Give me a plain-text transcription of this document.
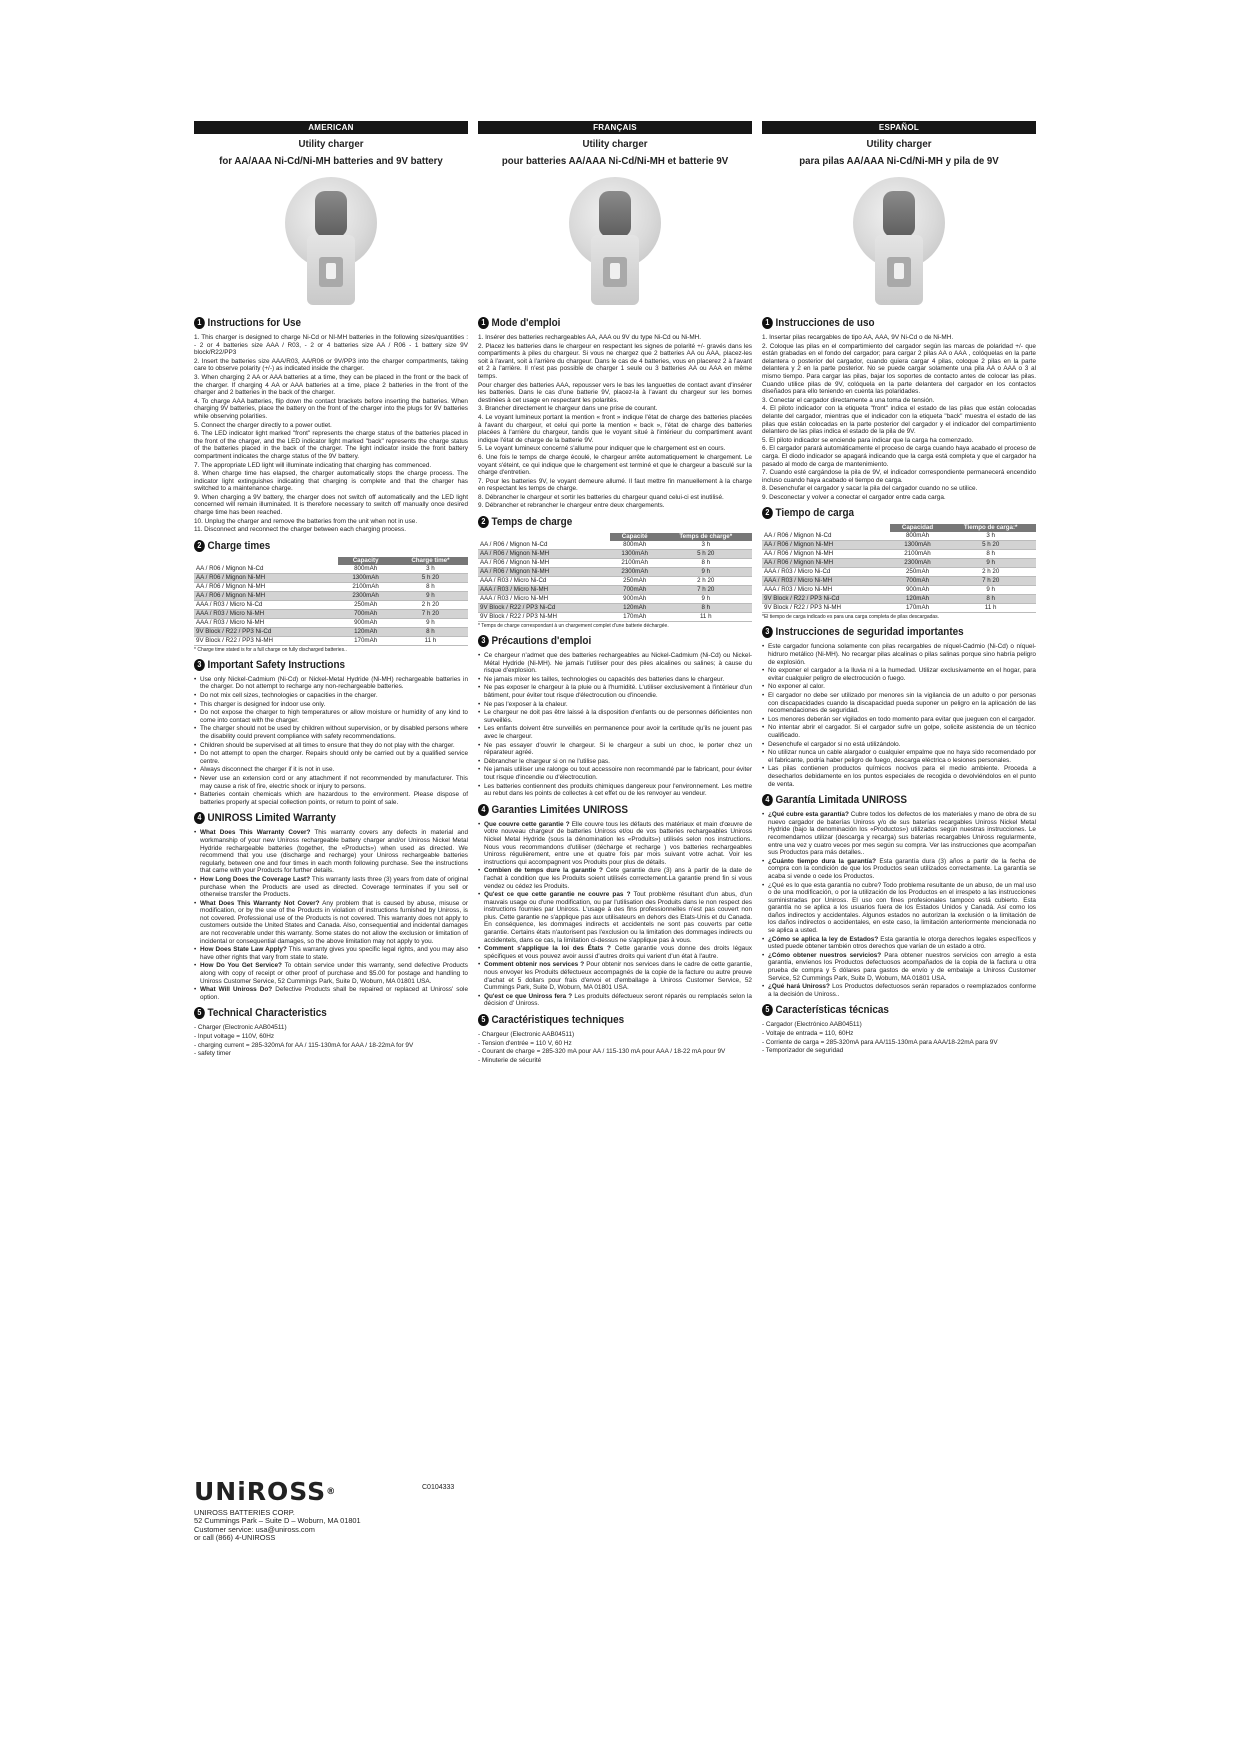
AMERICAN
Utility charger
for AA/AAA Ni-Cd/Ni-MH batteries and 9V battery
1 Instructions for Use

1. This charger is designed to charge Ni-Cd or NI-MH batteries in the following sizes/quantities : - 2 or 4 batteries size AAA / R03, - 2 or 4 batteries size AA / R06 - 1 battery size 9V block/R22/PP3

2. Insert the batteries size AAA/R03, AA/R06 or 9V/PP3 into the charger compartments, taking care to observe polarity (+/-) as indicated inside the charger.

3. When charging 2 AA or AAA batteries at a time, they can be placed in the front or the back of the charger. If charging 4 AA or AAA batteries at a time, place 2 batteries in the front of the charger and 2 batteries in the back of the charger.

4. To charge AAA batteries, flip down the contact brackets before inserting the batteries. When charging 9V batteries, place the battery on the front of the charger into the plugs for 9V batteries while observing polarities.

5. Connect the charger directly to a power outlet.

6. The LED indicator light marked "front" represents the charge status of the batteries placed in the front of the charger, and the LED indicator light marked "back" represents the charge status of the batteries placed in the back of the charger. The light indicator inside the front battery compartment indicates the charge status of the 9V battery.

7. The appropriate LED light will illuminate indicating that charging has commenced.

8. When charge time has elapsed, the charger automatically stops the charge process. The indicator light extinguishes indicating that charging is complete and that the charger has switched to a maintenance charge.

9. When charging a 9V battery, the charger does not switch off automatically and the LED light concerned will remain illuminated. It is therefore necessary to switch off manually once desired charge time has been reached.

10. Unplug the charger and remove the batteries from the unit when not in use.

11. Disconnect and reconnect the charger between each charging process.

2 Charge times
	Capacity	Charge time*
AA / R06 / Mignon Ni-Cd	800mAh	3 h
AA / R06 / Mignon Ni-MH	1300mAh	5 h 20
AA / R06 / Mignon Ni-MH	2100mAh	8 h
AA / R06 / Mignon Ni-MH	2300mAh	9 h
AAA / R03 / Micro Ni-Cd	250mAh	2 h 20
AAA / R03 / Micro Ni-MH	700mAh	7 h 20
AAA / R03 / Micro Ni-MH	900mAh	9 h
9V Block / R22 / PP3 Ni-Cd	120mAh	8 h
9V Block / R22 / PP3 Ni-MH	170mAh	11 h
* Charge time stated is for a full charge on fully discharged batteries..
3 Important Safety Instructions
• Use only Nickel-Cadmium (Ni-Cd) or Nickel-Metal Hydride (Ni-MH) rechargeable batteries in the charger. Do not attempt to recharge any non-rechargeable batteries.
• Do not mix cell sizes, technologies or capacities in the charger.
• This charger is designed for indoor use only.
• Do not expose the charger to high temperatures or allow moisture or humidity of any kind to come into contact with the charger.
• The charger should not be used by children without supervision, or by disabled persons where the disability could prevent compliance with safety recommendations.
• Children should be supervised at all times to ensure that they do not play with the charger.
• Do not attempt to open the charger. Repairs should only be carried out by a qualified service centre.
• Always disconnect the charger if it is not in use.
• Never use an extension cord or any attachment if not recommended by manufacturer. This may cause a risk of fire, electric shock or injury to persons.
• Batteries contain chemicals which are hazardous to the environment. Please dispose of batteries properly at special collection points, or return to point of sale.
4 UNIROSS Limited Warranty
• What Does This Warranty Cover? This warranty covers any defects in material and workmanship of your new Uniross rechargeable battery charger and/or Uniross Nickel Metal Hydride rechargeable batteries (together, the «Products») when used as directed. We recommend that you use (discharge and recharge) your Uniross rechargeable batteries regularly, between one and four times in each month following purchase. See the instructions that came with your Products for further details.
• How Long Does the Coverage Last? This warranty lasts three (3) years from date of original purchase when the Products are used as directed. Coverage terminates if you sell or otherwise transfer the Products.
• What Does This Warranty Not Cover? Any problem that is caused by abuse, misuse or modification, or by the use of the Products in violation of instructions furnished by Uniross, is not covered. Professional use of the Products is not covered. This warranty does not apply to customers outside the United States and Canada. Also, consequential and incidental damages are not recoverable under this warranty. Some states do not allow the exclusion or limitation of incidental or consequential damages, so the above limitation may not apply to you.
• How Does State Law Apply? This warranty gives you specific legal rights, and you may also have other rights that vary from state to state.
• How Do You Get Service? To obtain service under this warranty, send defective Products along with copy of receipt or other proof of purchase and $5.00 for postage and handling to Uniross Customer Service, 52 Cummings Park, Suite D, Woburn, MA 01801 USA.
• What Will Uniross Do? Defective Products shall be repaired or replaced at Uniross' sole option.
5 Technical Characteristics

- Charger (Electronic AAB04511)

- Input voltage = 110V, 60Hz

- charging current = 285-320mA for AA / 115-130mA for AAA / 18-22mA for 9V

- safety timer

FRANÇAIS
Utility charger
pour batteries AA/AAA Ni-Cd/Ni-MH et batterie 9V
1 Mode d'emploi

1. Insérer des batteries rechargeables AA, AAA ou 9V du type Ni-Cd ou Ni-MH.

2. Placez les batteries dans le chargeur en respectant les signes de polarité +/- gravés dans les compartiments à piles du chargeur. Si vous ne chargez que 2 batteries AA ou AAA, placez-les soit à l'avant, soit à l'arrière du chargeur. Dans le cas de 4 batteries, vous en placerez 2 à l'avant et 2 à l'arrière. Il n'est pas possible de charger 1 seule ou 3 batteries AA ou AAA en même temps.

Pour charger des batteries AAA, repousser vers le bas les languettes de contact avant d'insérer les batteries. Dans le cas d'une batterie 9V, placez-la à l'avant du chargeur sur les bornes destinées à cet usage en respectant les polarités.

3. Brancher directement le chargeur dans une prise de courant.

4. Le voyant lumineux portant la mention « front » indique l'état de charge des batteries placées à l'avant du chargeur, et celui qui porte la mention « back », l'état de charge des batteries placées à l'arrière du chargeur, tandis que le voyant situé à l'intérieur du compartiment avant indique l'état de charge de la batterie 9V.

5. Le voyant lumineux concerné s'allume pour indiquer que le chargement est en cours.

6. Une fois le temps de charge écoulé, le chargeur arrête automatiquement le chargement. Le voyant s'éteint, ce qui indique que le chargement est terminé et que le chargeur a basculé sur la charge d'entretien.

7. Pour les batteries 9V, le voyant demeure allumé. Il faut mettre fin manuellement à la charge en respectant les temps de charge.

8. Débrancher le chargeur et sortir les batteries du chargeur quand celui-ci est inutilisé.

9. Débrancher et rebrancher le chargeur entre deux chargements.

2 Temps de charge
	Capacité	Temps de charge*
AA / R06 / Mignon Ni-Cd	800mAh	3 h
AA / R06 / Mignon Ni-MH	1300mAh	5 h 20
AA / R06 / Mignon Ni-MH	2100mAh	8 h
AA / R06 / Mignon Ni-MH	2300mAh	9 h
AAA / R03 / Micro Ni-Cd	250mAh	2 h 20
AAA / R03 / Micro Ni-MH	700mAh	7 h 20
AAA / R03 / Micro Ni-MH	900mAh	9 h
9V Block / R22 / PP3 Ni-Cd	120mAh	8 h
9V Block / R22 / PP3 Ni-MH	170mAh	11 h
* Temps de charge correspondant à un chargement complet d'une batterie déchargée.
3 Précautions d'emploi
• Ce chargeur n'admet que des batteries rechargeables au Nickel-Cadmium (Ni-Cd) ou Nickel-Métal Hydride (Ni-MH). Ne jamais l'utiliser pour des piles alcalines ou salines; à cause du risque d'explosion.
• Ne jamais mixer les tailles, technologies ou capacités des batteries dans le chargeur.
• Ne pas exposer le chargeur à la pluie ou à l'humidité. L'utiliser exclusivement à l'intérieur d'un bâtiment, pour éviter tout risque d'électrocution ou d'incendie.
• Ne pas l'exposer à la chaleur.
• Le chargeur ne doit pas être laissé à la disposition d'enfants ou de personnes déficientes non surveillés.
• Les enfants doivent être surveillés en permanence pour avoir la certitude qu'ils ne jouent pas avec le chargeur.
• Ne pas essayer d'ouvrir le chargeur. Si le chargeur a subi un choc, le porter chez un réparateur agréé.
• Débrancher le chargeur si on ne l'utilise pas.
• Ne jamais utiliser une ralonge ou tout accessoire non recommandé par le fabricant, pour éviter tout risque d'incendie ou d'électrocution.
• Les batteries contiennent des produits chimiques dangereux pour l'environnement. Les mettre au rebut dans les points de collectes à cet effet ou de les renvoyer au vendeur.
4 Garanties Limitées UNIROSS
• Que couvre cette garantie ? Elle couvre tous les défauts des matériaux et main d'œuvre de votre nouveau chargeur de batteries Uniross et/ou de vos batteries rechargeables Uniross Nickel Metal Hydride (sous la dénomination les «Produits») utilisés selon nos instructions. Nous vous recommandons d'utiliser (décharge et recharge ) vos batteries rechargeables Uniross régulièrement, entre une et quatre fois par mois suivant votre achat. Voir les instructions qui accompagnent vos Produits pour plus de détails.
• Combien de temps dure la garantie ? Cete garantie dure (3) ans à partir de la date de l'achat à condition que les Produits soient utilisés correctement.La garantie prend fin si vous vendez ou cédez les Produits.
• Qu'est ce que cette garantie ne couvre pas ? Tout problème résultant d'un abus, d'un mauvais usage ou d'une modification, ou par l'utilisation des Produits dans le non respect des instructions fournies par Uniross. L'usage à des fins professionnelles n'est pas couvert non plus. Cette garantie ne s'applique pas aux utilisateurs en dehors des Etats-Unis et du Canada. En conséquence, les dommages indirects et accidentels ne sont pas couverts par cette garantie. Certains états n'autorisent pas l'exclusion ou la limitation des dommages indirects ou accidentels, dans ce cas, la limitation ci-dessus ne s'applique pas à vous.
• Comment s'applique la loi des États ? Cette garantie vous donne des droits légaux spécifiques et vous pouvez avoir aussi d'autres droits qui varient d'un état à l'autre.
• Comment obtenir nos services ? Pour obtenir nos services dans le cadre de cette garantie, nous envoyer les Produits défectueux accompagnés de la copie de la facture ou autre preuve d'achat et 5 dollars pour frais d'envoi et d'emballage à Uniross Customer Service, 52 Cummings Park, Suite D, Woburn, MA 01801 USA.
• Qu'est ce que Uniross fera ? Les produits défectueux seront réparés ou remplacés selon la décision d' Uniross.
5 Caractéristiques techniques

- Chargeur (Electronic AAB04511)

- Tension d'entrée = 110 V, 60 Hz

- Courant de charge = 285-320 mA pour AA / 115-130 mA pour AAA / 18-22 mA pour 9V

- Minuterie de sécurité

ESPAÑOL
Utility charger
para pilas AA/AAA Ni-Cd/Ni-MH y pila de 9V
1 Instrucciones de uso

1. Insertar pilas recargables de tipo AA, AAA, 9V Ni-Cd o de Ni-MH.

2. Coloque las pilas en el compartimiento del cargador según las marcas de polaridad +/- que están grabadas en el fondo del cargador; para cargar 2 pilas AA o AAA , colóquelas en la parte delantera o posterior del cargador, cuando quiera cargar 4 pilas, coloque 2 pilas en la parte delantera y 2 en la parte posterior. No se puede cargar solamente una pila AA o AAA o 3 al mismo tiempo. Para cargar las pilas, bajar los soportes de contacto antes de colocar las pilas. Cuando utilice pilas de 9V, colóquela en la parte delantera del cargador en los contactos diseñados para ello teniendo en cuenta las polaridades.

3. Conectar el cargador directamente a una toma de tensión.

4. El piloto indicador con la etiqueta "front" indica el estado de las pilas que están colocadas delante del cargador, mientras que el indicador con la etiqueta "back" muestra el estado de las pilas que están colocadas en la parte posterior del cargador y el indicador del compartimiento delantero de las pilas indica el estado de la pila de 9V.

5. El piloto indicador se enciende para indicar que la carga ha comenzado.

6. El cargador parará automáticamente el proceso de carga cuando haya acabado el proceso de carga. El diodo indicador se apagará indicando que la carga está completa y que el cargador ha pasado al modo de carga de mantenimiento.

7. Cuando esté cargándose la pila de 9V, el indicador correspondiente permanecerá encendido incluso cuando haya acabado el tiempo de carga.

8. Desenchufar el cargador y sacar la pila del cargador cuando no se utilice.

9. Desconectar y volver a conectar el cargador entre cada carga.

2 Tiempo de carga
	Capacidad	Tiempo de carga:*
AA / R06 / Mignon Ni-Cd	800mAh	3 h
AA / R06 / Mignon Ni-MH	1300mAh	5 h 20
AA / R06 / Mignon Ni-MH	2100mAh	8 h
AA / R06 / Mignon Ni-MH	2300mAh	9 h
AAA / R03 / Micro Ni-Cd	250mAh	2 h 20
AAA / R03 / Micro Ni-MH	700mAh	7 h 20
AAA / R03 / Micro Ni-MH	900mAh	9 h
9V Block / R22 / PP3 Ni-Cd	120mAh	8 h
9V Block / R22 / PP3 Ni-MH	170mAh	11 h
*El tiempo de carga indicado es para una carga completa de pilas descargadas.
3 Instrucciones de seguridad importantes
• Este cargador funciona solamente con pilas recargables de níquel-Cadmio (Ni-Cd) o níquel-hidruro metálico (Ni-MH). No recargar pilas alcalinas o pilas salinas porque sino habría peligro de explosión.
• No exponer el cargador a la lluvia ni a la humedad. Utilizar exclusivamente en el hogar, para evitar cualquier peligro de electrocución o fuego.
• No exponer al calor.
• El cargador no debe ser utilizado por menores sin la vigilancia de un adulto o por personas con discapacidades cuando la discapacidad pueda suponer un peligro en la aplicación de las recomendaciones de seguridad.
• Los menores deberán ser vigilados en todo momento para evitar que jueguen con el cargador.
• No intentar abrir el cargador. Si el cargador sufre un golpe, solicite asistencia de un técnico cualificado.
• Desenchufe el cargador si no está utilizándolo.
• No utilizar nunca un cable alargador o cualquier empalme que no haya sido recomendado por el fabricante, podría haber peligro de fuego, descarga eléctrica o lesiones personales.
• Las pilas contienen productos químicos nocivos para el medio ambiente. Proceda a desecharlos debidamente en los puntos especiales de recogida o devolviéndolos en el punto de venta.
4 Garantía Limitada UNIROSS
• ¿Qué cubre esta garantía? Cubre todos los defectos de los materiales y mano de obra de su nuevo cargador de baterías Uniross y/o de sus baterías recargables Uniross Nickel Metal Hydride (bajo la denominación los «Productos») utilizados según nuestras instrucciones. Le recomendamos utilizar (descarga y recarga) sus baterías recargables Uniross regularmente, entre una vez y cuatro veces por mes según su compra. Ver las instrucciones que acompañan sus Productos para más detalles..
• ¿Cuánto tiempo dura la garantía? Esta garantía dura (3) años a partir de la fecha de compra con la condición de que los Productos sean utilizados correctamente. La garantía se acaba si vende o cede los Productos.
• ¿Qué es lo que esta garantía no cubre? Todo problema resultante de un abuso, de un mal uso o de una modificación, o por la utilización de los Productos en el irrespeto a las instrucciones suministradas por Uniross. El uso con fines profesionales tampoco está cubierto. Esta garantía no se aplica a los usuarios fuera de los Estados Unidos y Canadá. Así como los daños indirectos y accidentales. Algunos estados no autorizan la exclusión o la limitación de los daños indirectos o accidentales, en este caso, la limitación anteriormente mencionada no se aplica a usted.
• ¿Cómo se aplica la ley de Estados? Esta garantía le otorga derechos legales específicos y usted puede obtener también otros derechos que varían de un estado a otro.
• ¿Cómo obtener nuestros servicios? Para obtener nuestros servicios con arreglo a esta garantía, envíenos los Productos defectuosos acompañados de la copia de la factura u otra prueba de compra y 5 dólares para gastos de envío y de embalaje a Uniross Customer Service, 52 Cummings Park, Suite D, Woburn, MA 01801 USA.
• ¿Qué hará Uniross? Los Productos defectuosos serán reparados o reemplazados conforme a la decisión de Uniross..
5 Características técnicas

- Cargador (Electrónico AAB04511)

- Voltaje de entrada = 110, 60Hz

- Corriente de carga = 285-320mA para AA/115-130mA para AAA/18-22mA para 9V

- Temporizador de seguridad

UNiROSS®	C0104333
UNIROSS BATTERIES CORP.
52 Cummings Park – Suite D – Woburn, MA 01801
Customer service: usa@uniross.com
or call (866) 4-UNIROSS
